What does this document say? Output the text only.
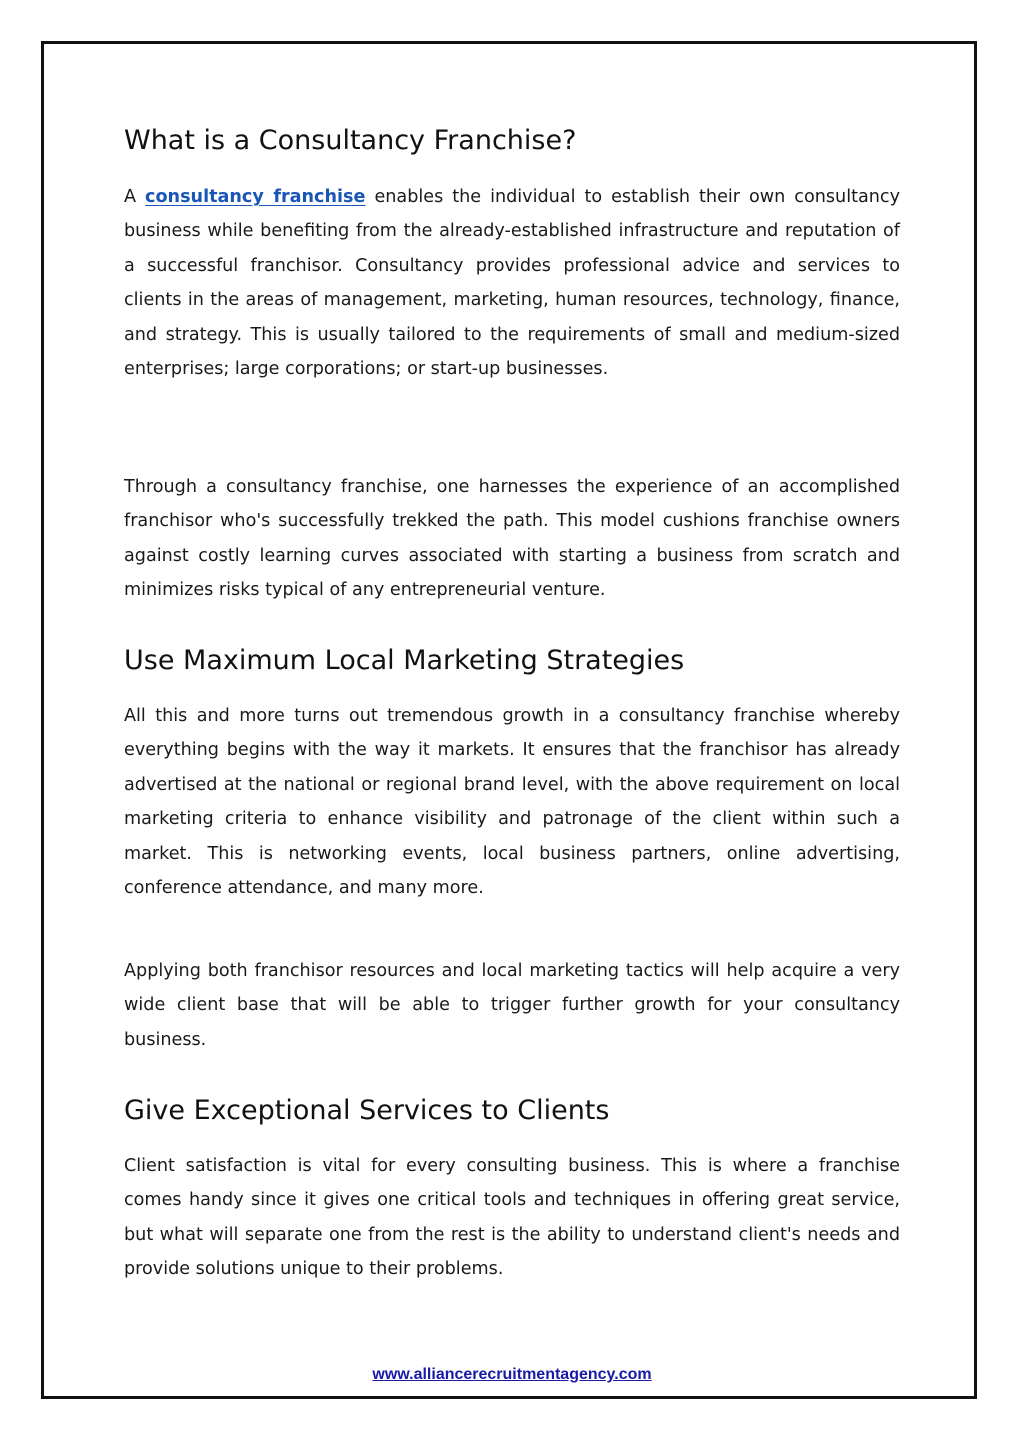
What is a Consultancy Franchise?

A consultancy franchise enables the individual to establish their own consultancy business while benefiting from the already-established infrastructure and reputation of a successful franchisor. Consultancy provides professional advice and services to clients in the areas of management, marketing, human resources, technology, finance, and strategy. This is usually tailored to the requirements of small and medium-sized enterprises; large corporations; or start-up businesses.

Through a consultancy franchise, one harnesses the experience of an accomplished franchisor who's successfully trekked the path. This model cushions franchise owners against costly learning curves associated with starting a business from scratch and minimizes risks typical of any entrepreneurial venture.

Use Maximum Local Marketing Strategies

All this and more turns out tremendous growth in a consultancy franchise whereby everything begins with the way it markets. It ensures that the franchisor has already advertised at the national or regional brand level, with the above requirement on local marketing criteria to enhance visibility and patronage of the client within such a market. This is networking events, local business partners, online advertising, conference attendance, and many more.

Applying both franchisor resources and local marketing tactics will help acquire a very wide client base that will be able to trigger further growth for your consultancy business.

Give Exceptional Services to Clients

Client satisfaction is vital for every consulting business. This is where a franchise comes handy since it gives one critical tools and techniques in offering great service, but what will separate one from the rest is the ability to understand client's needs and provide solutions unique to their problems.

www.alliancerecruitmentagency.com
